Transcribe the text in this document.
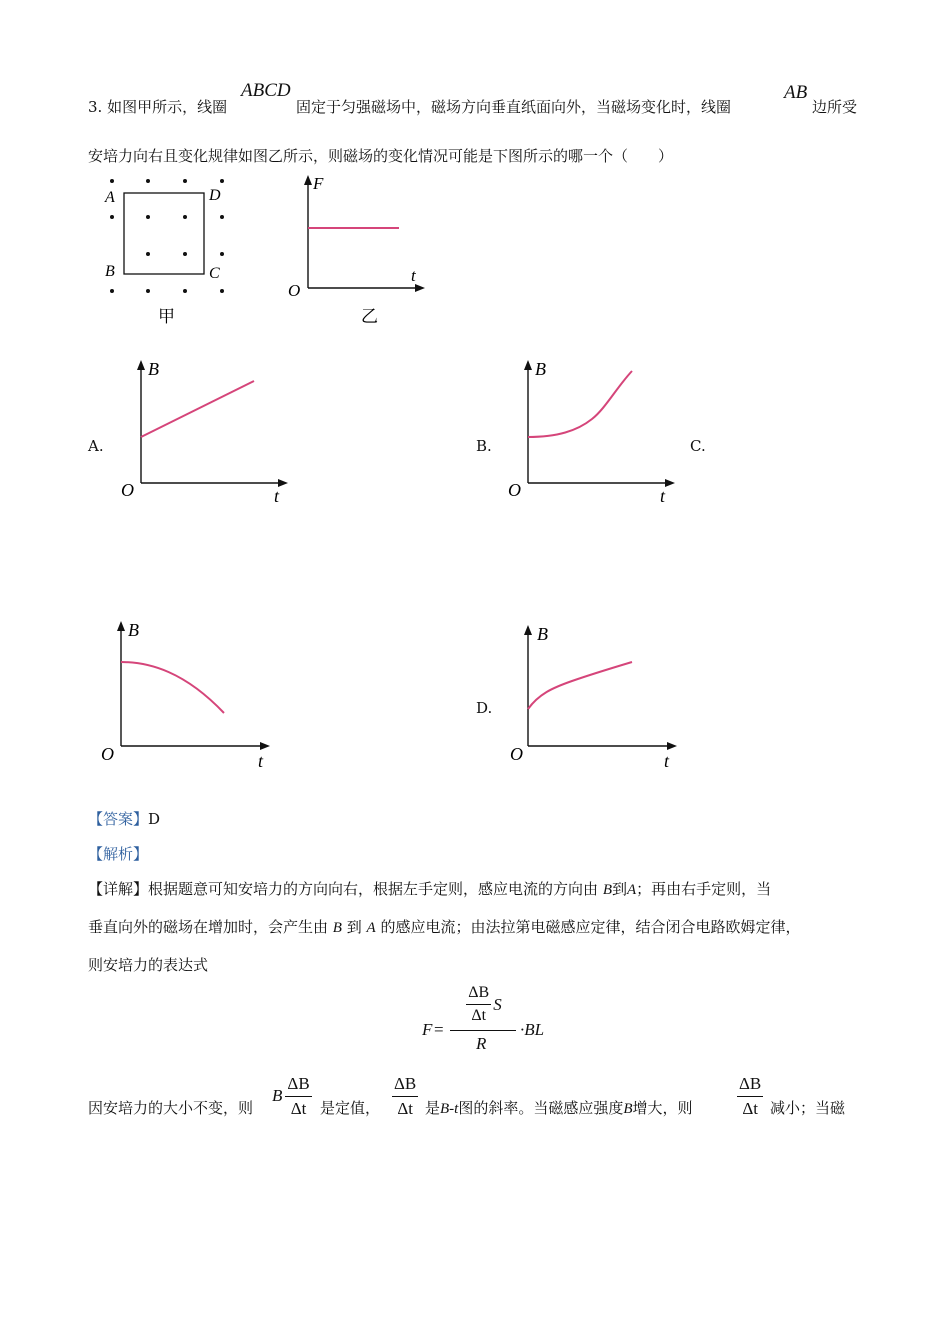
3. 如图甲所示，线圈
ABCD
固定于匀强磁场中，磁场方向垂直纸面向外，当磁场变化时，线圈
AB
边所受
安培力向右且变化规律如图乙所示，则磁场的变化情况可能是下图所示的哪一个（　　）
A	D
B	C
甲
F
t
O
乙
A.
B
t
O
B.
B
t
O
C.
B
t
O
D.
B
t
O
【答案】D
【解析】
【详解】根据题意可知安培力的方向向右，根据左手定则，感应电流的方向由 B到A；再由右手定则，当
垂直向外的磁场在增加时，会产生由 B 到 A 的感应电流；由法拉第电磁感应定律，结合闭合电路欧姆定律，
则安培力的表达式
F =
$\frac{\Delta B}{\Delta t}$ S
R
·BL
因安培力的大小不变，则
B $\frac{\Delta B}{\Delta t}$ 是定值， $\frac{\Delta B}{\Delta t}$ 是B-t图的斜率。当磁感应强度B增大，则	$\frac{\Delta B}{\Delta t}$ 减小；当磁
